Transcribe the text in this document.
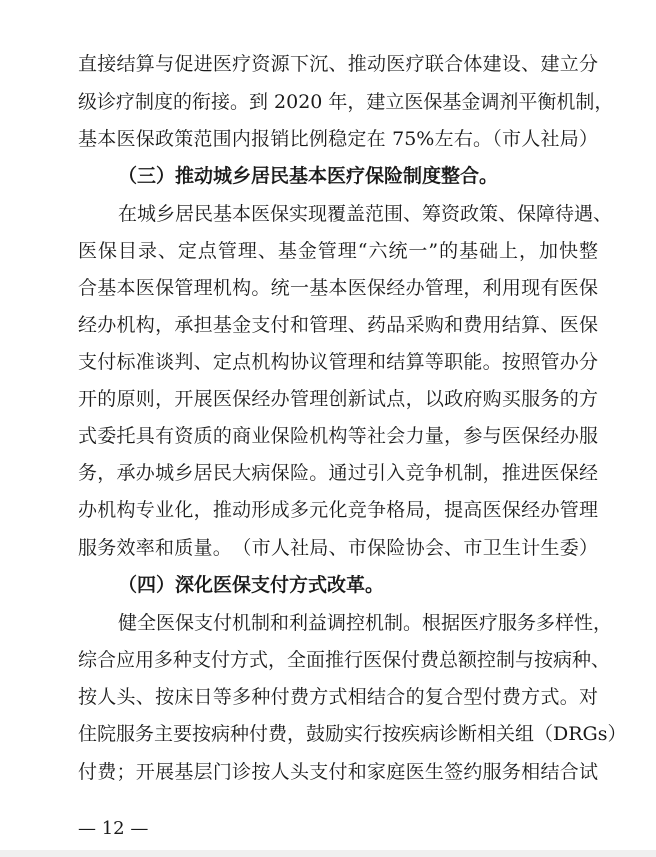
直接结算与促进医疗资源下沉、推动医疗联合体建设、建立分
级诊疗制度的衔接。到 2020 年，建立医保基金调剂平衡机制，
基本医保政策范围内报销比例稳定在 75%左右。（市人社局）
（三）推动城乡居民基本医疗保险制度整合。
在城乡居民基本医保实现覆盖范围、筹资政策、保障待遇、
医保目录、定点管理、基金管理“六统一”的基础上，加快整
合基本医保管理机构。统一基本医保经办管理，利用现有医保
经办机构，承担基金支付和管理、药品采购和费用结算、医保
支付标准谈判、定点机构协议管理和结算等职能。按照管办分
开的原则，开展医保经办管理创新试点，以政府购买服务的方
式委托具有资质的商业保险机构等社会力量，参与医保经办服
务，承办城乡居民大病保险。通过引入竞争机制，推进医保经
办机构专业化，推动形成多元化竞争格局，提高医保经办管理
服务效率和质量。　（市人社局、市保险协会、市卫生计生委）
（四）深化医保支付方式改革。
健全医保支付机制和利益调控机制。根据医疗服务多样性，
综合应用多种支付方式，全面推行医保付费总额控制与按病种、
按人头、按床日等多种付费方式相结合的复合型付费方式。对
住院服务主要按病种付费，鼓励实行按疾病诊断相关组（DRGs）
付费；开展基层门诊按人头支付和家庭医生签约服务相结合试
— 12 —
